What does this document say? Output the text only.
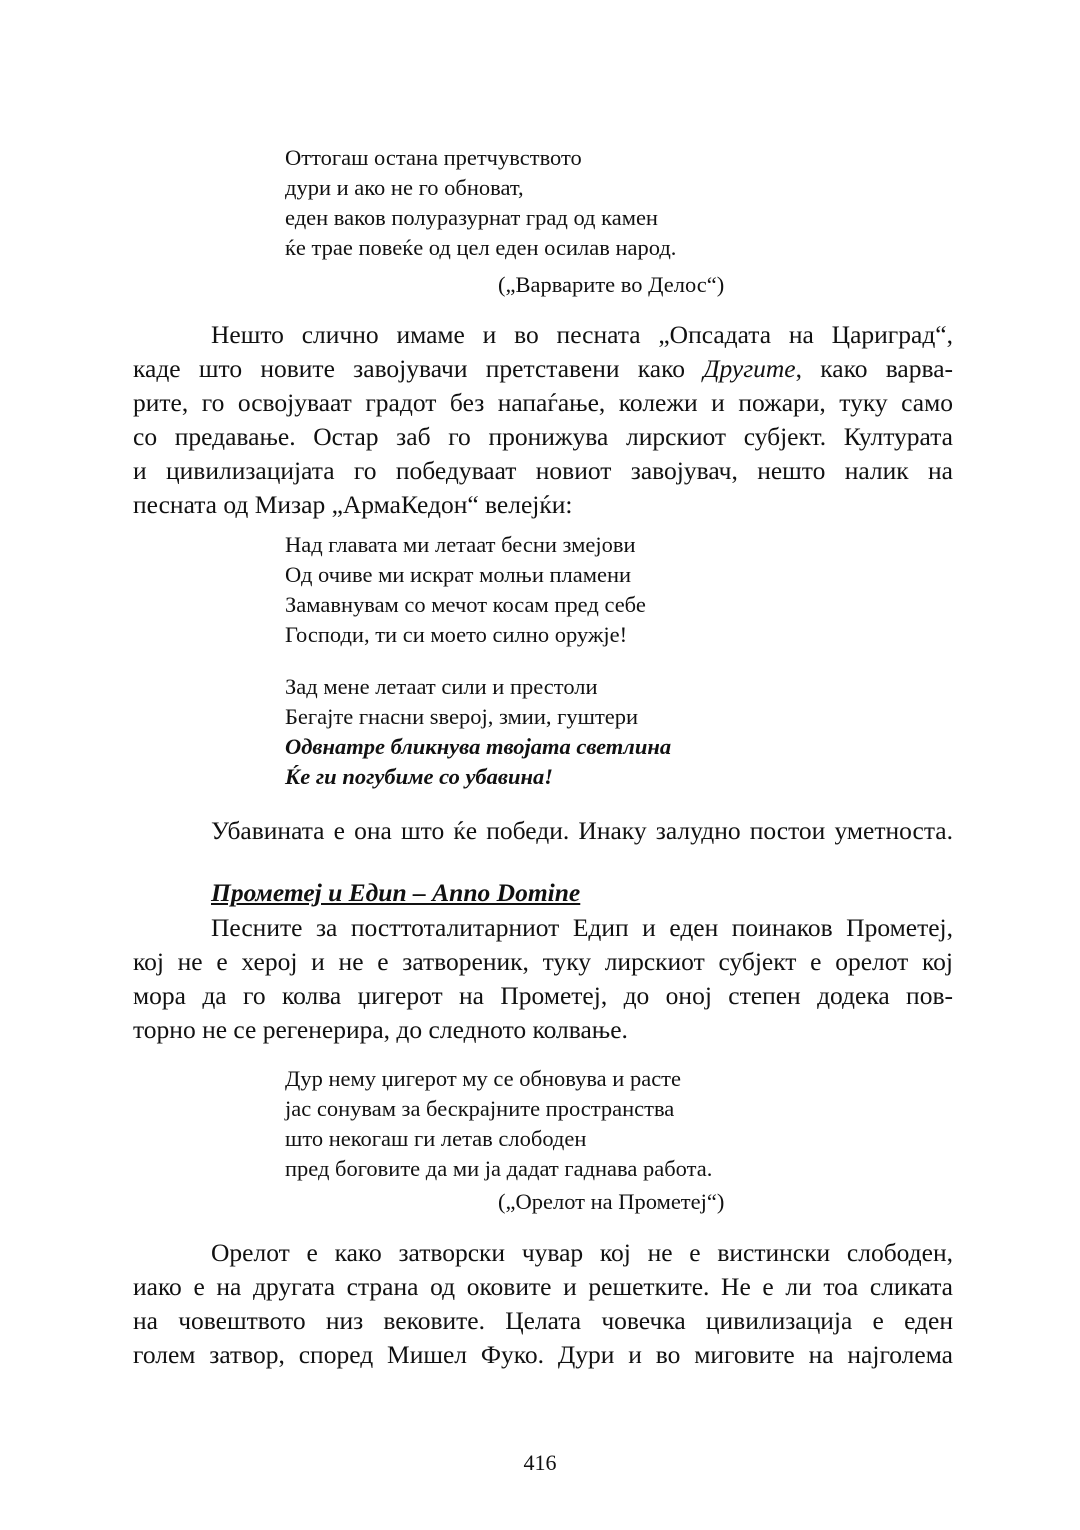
Оттогаш остана претчувството
дури и ако не го обноват,
еден ваков полуразурнат град од камен
ќе трае повеќе од цел еден осилав народ.
(„Варварите во Делос“)
Нешто слично имаме и во песната „Опсадата на Цариград“,
каде што новите завојувачи претставени како Другите, како варва-
рите, го освојуваат градот без напаѓање, колежи и пожари, туку само
со предавање. Остар заб го пронижува лирскиот субјект. Културата
и цивилизацијата го победуваат новиот завојувач, нешто налик на
песната од Мизар „АрмаКедон“ велејќи:
Над главата ми летаат бесни змејови
Од очиве ми искрат молњи пламени
Замавнувам со мечот косам пред себе
Господи, ти си моето силно оружје!
Зад мене летаат сили и престоли
Бегајте гнасни ѕверој, змии, гуштери
Одвнатре бликнува твојата светлина
Ќе ги погубиме со убавина!
Убавината е она што ќе победи. Инаку залудно постои уметноста.
Прометеј и Едип – Anno Domine
Песните за посттоталитарниот Едип и еден поинаков Прометеј,
кој не е херој и не е затвореник, туку лирскиот субјект е орелот кој
мора да го колва џигерот на Прометеј, до оној степен додека пов-
торно не се регенерира, до следното колвање.
Дур нему џигерот му се обновува и расте
јас сонувам за бескрајните пространства
што некогаш ги летав слободен
пред боговите да ми ја дадат гаднава работа.
(„Орелот на Прометеј“)
Орелот е како затворски чувар кој не е вистински слободен,
иако е на другата страна од оковите и решетките. Не е ли тоа сликата
на човештвото низ вековите. Целата човечка цивилизација е еден
голем затвор, според Мишел Фуко. Дури и во миговите на најголема
416
